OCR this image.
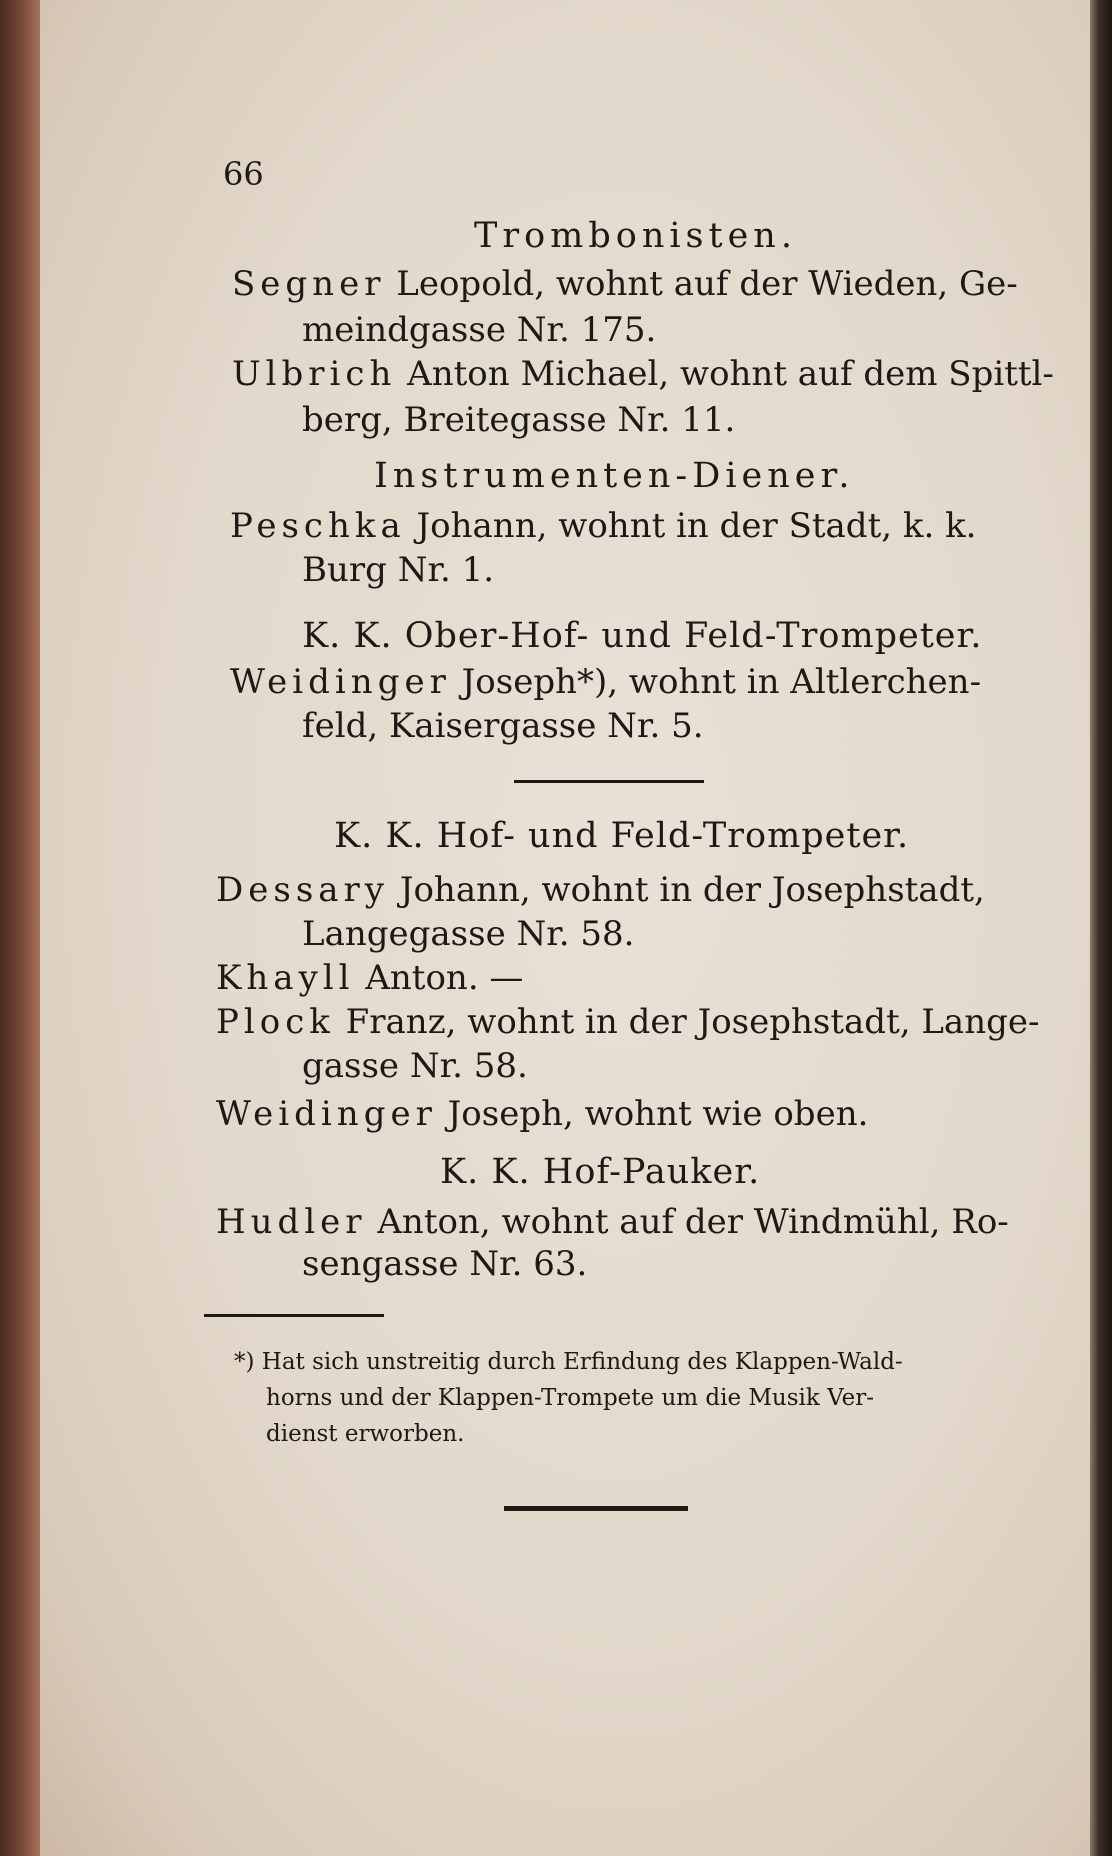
66
Trombonisten.
Segner Leopold, wohnt auf der Wieden, Ge-
meindgasse Nr. 175.
Ulbrich Anton Michael, wohnt auf dem Spittl-
berg, Breitegasse Nr. 11.
Instrumenten-Diener.
Peschka Johann, wohnt in der Stadt, k. k.
Burg Nr. 1.
K. K. Ober-Hof- und Feld-Trompeter.
Weidinger Joseph*), wohnt in Altlerchen-
feld, Kaisergasse Nr. 5.
K. K. Hof- und Feld-Trompeter.
Dessary Johann, wohnt in der Josephstadt,
Langegasse Nr. 58.
Khayll Anton. —
Plock Franz, wohnt in der Josephstadt, Lange-
gasse Nr. 58.
Weidinger Joseph, wohnt wie oben.
K. K. Hof-Pauker.
Hudler Anton, wohnt auf der Windmühl, Ro-
sengasse Nr. 63.
*) Hat sich unstreitig durch Erfindung des Klappen-Wald-
horns und der Klappen-Trompete um die Musik Ver-
dienst erworben.
